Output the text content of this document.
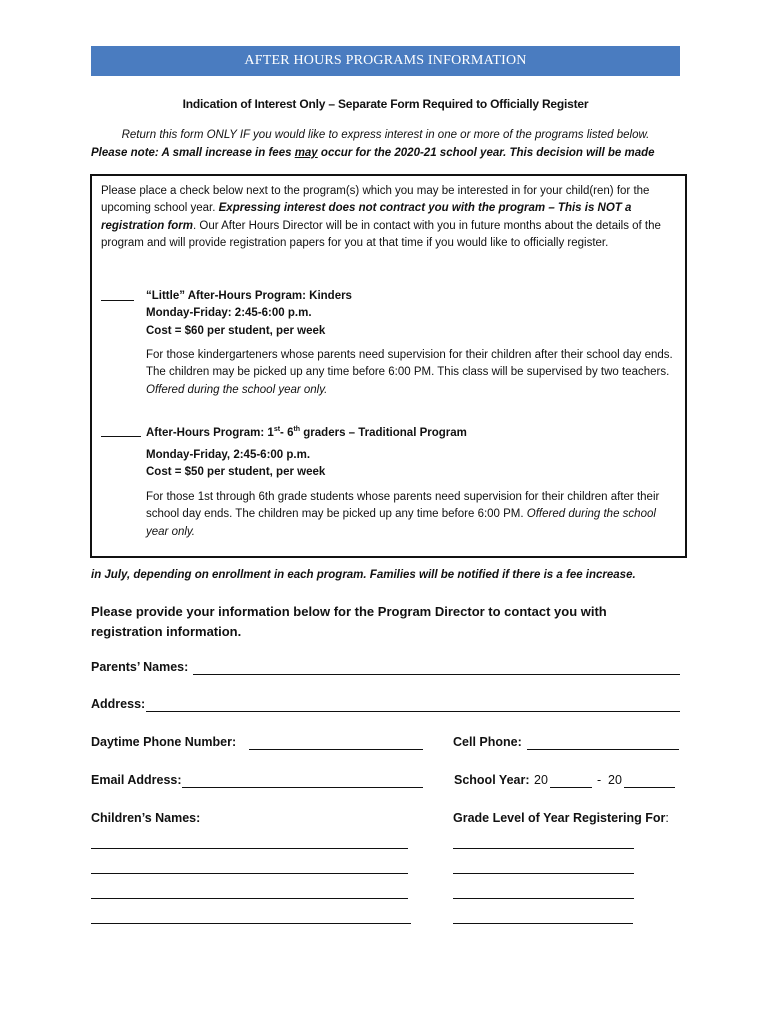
AFTER HOURS PROGRAMS INFORMATION
Indication of Interest Only – Separate Form Required to Officially Register
Return this form ONLY IF you would like to express interest in one or more of the programs listed below.
Please note: A small increase in fees may occur for the 2020-21 school year. This decision will be made
Please place a check below next to the program(s) which you may be interested in for your child(ren) for the upcoming school year. Expressing interest does not contract you with the program – This is NOT a registration form. Our After Hours Director will be in contact with you in future months about the details of the program and will provide registration papers for you at that time if you would like to officially register.
“Little” After-Hours Program: Kinders
Monday-Friday: 2:45-6:00 p.m.
Cost = $60 per student, per week
For those kindergarteners whose parents need supervision for their children after their school day ends. The children may be picked up any time before 6:00 PM. This class will be supervised by two teachers. Offered during the school year only.
After-Hours Program: 1st- 6th graders – Traditional Program
Monday-Friday, 2:45-6:00 p.m.
Cost = $50 per student, per week
For those 1st through 6th grade students whose parents need supervision for their children after their school day ends. The children may be picked up any time before 6:00 PM. Offered during the school year only.
in July, depending on enrollment in each program. Families will be notified if there is a fee increase.
Please provide your information below for the Program Director to contact you with registration information.
Parents’ Names:
Address:
Daytime Phone Number:	Cell Phone:
Email Address:	School Year: 20	- 20
Children’s Names:	Grade Level of Year Registering For:
